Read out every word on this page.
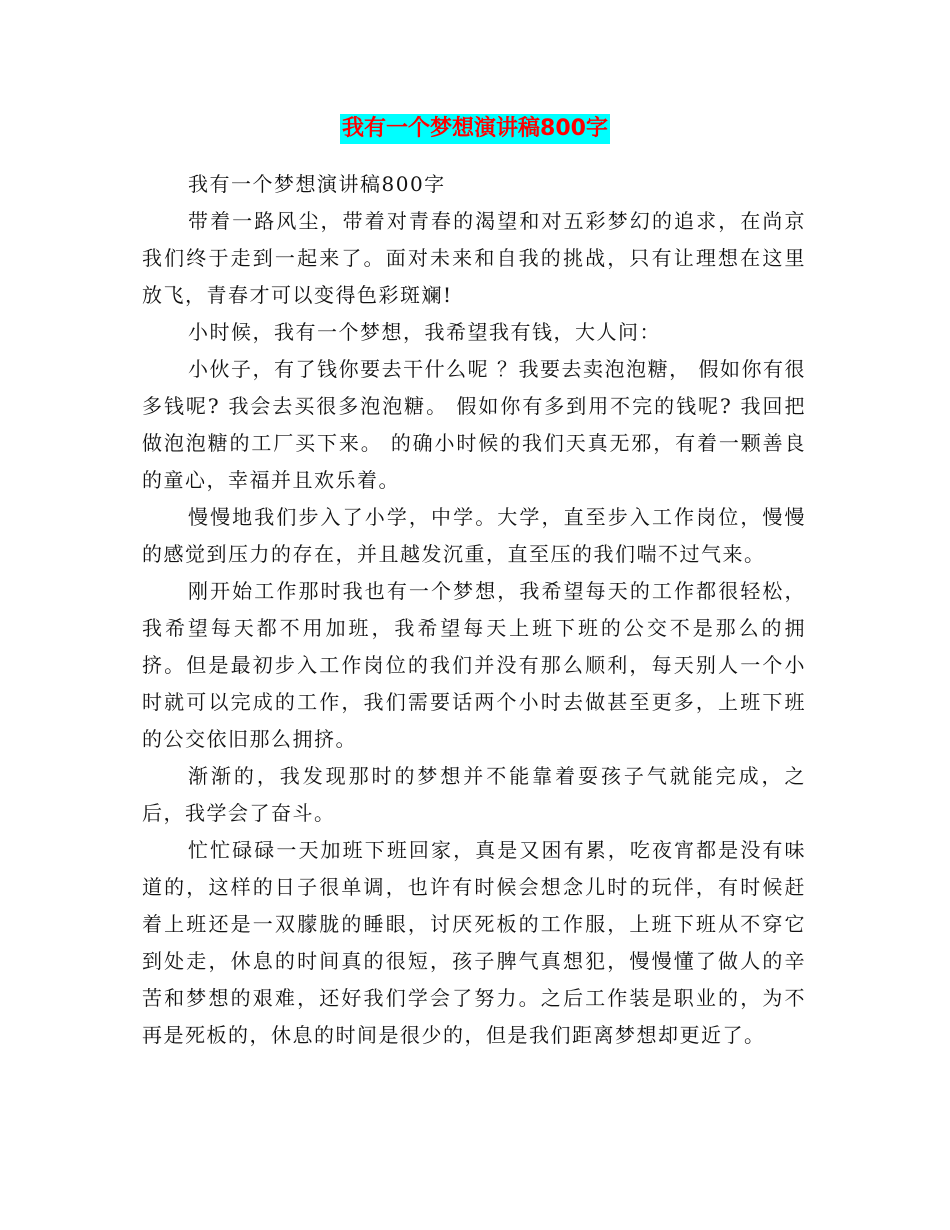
我有一个梦想演讲稿800字

我有一个梦想演讲稿800字

带着一路风尘，带着对青春的渴望和对五彩梦幻的追求，在尚京我们终于走到一起来了。面对未来和自我的挑战，只有让理想在这里放飞，青春才可以变得色彩斑斓!

小时候，我有一个梦想，我希望我有钱，大人问：

小伙子，有了钱你要去干什么呢 ？我要去卖泡泡糖， 假如你有很多钱呢? 我会去买很多泡泡糖。 假如你有多到用不完的钱呢? 我回把做泡泡糖的工厂买下来。 的确小时候的我们天真无邪，有着一颗善良的童心，幸福并且欢乐着。

慢慢地我们步入了小学，中学。大学，直至步入工作岗位，慢慢的感觉到压力的存在，并且越发沉重，直至压的我们喘不过气来。

刚开始工作那时我也有一个梦想，我希望每天的工作都很轻松，我希望每天都不用加班，我希望每天上班下班的公交不是那么的拥挤。但是最初步入工作岗位的我们并没有那么顺利，每天别人一个小时就可以完成的工作，我们需要话两个小时去做甚至更多，上班下班的公交依旧那么拥挤。

渐渐的，我发现那时的梦想并不能靠着耍孩子气就能完成，之后，我学会了奋斗。

忙忙碌碌一天加班下班回家，真是又困有累，吃夜宵都是没有味道的，这样的日子很单调，也许有时候会想念儿时的玩伴，有时候赶着上班还是一双朦胧的睡眼，讨厌死板的工作服，上班下班从不穿它到处走，休息的时间真的很短，孩子脾气真想犯，慢慢懂了做人的辛苦和梦想的艰难，还好我们学会了努力。之后工作装是职业的，为不再是死板的，休息的时间是很少的，但是我们距离梦想却更近了。
